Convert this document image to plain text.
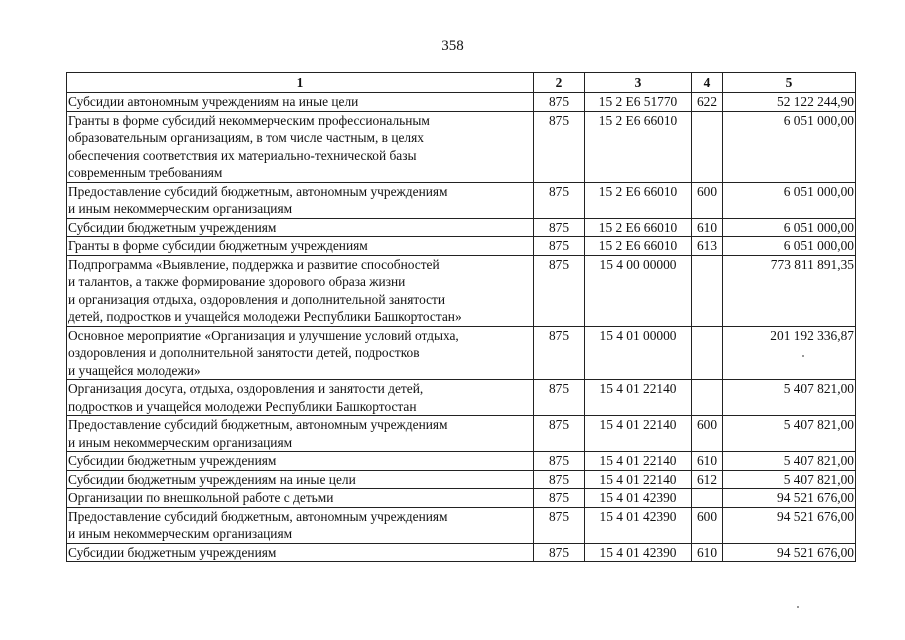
358
1	2	3	4	5
Субсидии автономным учреждениям на иные цели	875	15 2 E6 51770	622	52 122 244,90
Гранты в форме субсидий некоммерческим профессиональным
образовательным организациям, в том числе частным, в целях
обеспечения соответствия их материально-технической базы
современным требованиям	875	15 2 E6 66010		6 051 000,00
Предоставление субсидий бюджетным, автономным учреждениям
и иным некоммерческим организациям	875	15 2 E6 66010	600	6 051 000,00
Субсидии бюджетным учреждениям	875	15 2 E6 66010	610	6 051 000,00
Гранты в форме субсидии бюджетным учреждениям	875	15 2 E6 66010	613	6 051 000,00
Подпрограмма «Выявление, поддержка и развитие способностей
и талантов, а также формирование здорового образа жизни
и организация отдыха, оздоровления и дополнительной занятости
детей, подростков и учащейся молодежи Республики Башкортостан»	875	15 4 00 00000		773 811 891,35
Основное мероприятие «Организация и улучшение условий отдыха,
оздоровления и дополнительной занятости детей, подростков
и учащейся молодежи»	875	15 4 01 00000		201 192 336,87
Организация досуга, отдыха, оздоровления и занятости детей,
подростков и учащейся молодежи Республики Башкортостан	875	15 4 01 22140		5 407 821,00
Предоставление субсидий бюджетным, автономным учреждениям
и иным некоммерческим организациям	875	15 4 01 22140	600	5 407 821,00
Субсидии бюджетным учреждениям	875	15 4 01 22140	610	5 407 821,00
Субсидии бюджетным учреждениям на иные цели	875	15 4 01 22140	612	5 407 821,00
Организации по внешкольной работе с детьми	875	15 4 01 42390		94 521 676,00
Предоставление субсидий бюджетным, автономным учреждениям
и иным некоммерческим организациям	875	15 4 01 42390	600	94 521 676,00
Субсидии бюджетным учреждениям	875	15 4 01 42390	610	94 521 676,00
